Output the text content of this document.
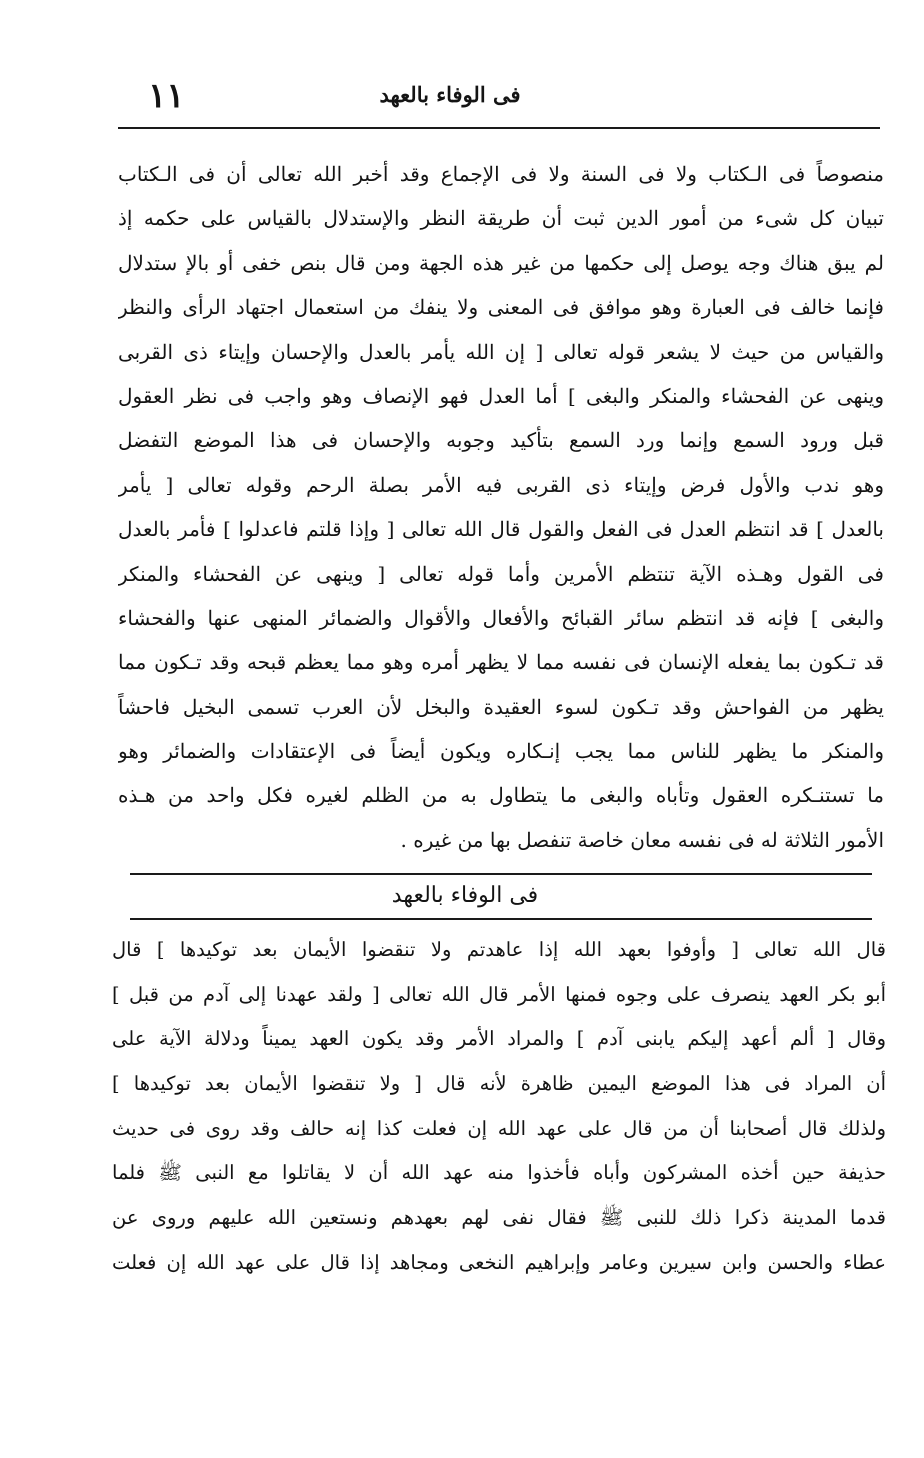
١١	فى الوفاء بالعهد
منصوصاً فى الـكتاب ولا فى السنة ولا فى الإجماع وقد أخبر الله تعالى أن فى الـكتاب
تبيان كل شىء من أمور الدين ثبت أن طريقة النظر والإستدلال بالقياس على حكمه إذ
لم يبق هناك وجه يوصل إلى حكمها من غير هذه الجهة ومن قال بنص خفى أو بالإ ستدلال
فإنما خالف فى العبارة وهو موافق فى المعنى ولا ينفك من استعمال اجتهاد الرأى والنظر
والقياس من حيث لا يشعر قوله تعالى [ إن الله يأمر بالعدل والإحسان وإيتاء ذى القربى
وينهى عن الفحشاء والمنكر والبغى ] أما العدل فهو الإنصاف وهو واجب فى نظر العقول
قبل ورود السمع وإنما ورد السمع بتأكيد وجوبه والإحسان فى هذا الموضع التفضل
وهو ندب والأول فرض وإيتاء ذى القربى فيه الأمر بصلة الرحم وقوله تعالى [ يأمر
بالعدل ] قد انتظم العدل فى الفعل والقول قال الله تعالى [ وإذا قلتم فاعدلوا ] فأمر بالعدل
فى القول وهـذه الآية تنتظم الأمرين وأما قوله تعالى [ وينهى عن الفحشاء والمنكر
والبغى ] فإنه قد انتظم سائر القبائح والأفعال والأقوال والضمائر المنهى عنها والفحشاء
قد تـكون بما يفعله الإنسان فى نفسه مما لا يظهر أمره وهو مما يعظم قبحه وقد تـكون مما
يظهر من الفواحش وقد تـكون لسوء العقيدة والبخل لأن العرب تسمى البخيل فاحشاً
والمنكر ما يظهر للناس مما يجب إنـكاره ويكون أيضاً فى الإعتقادات والضمائر وهو
ما تستنـكره العقول وتأباه والبغى ما يتطاول به من الظلم لغيره فكل واحد من هـذه
الأمور الثلاثة له فى نفسه معان خاصة تنفصل بها من غيره .
فى الوفاء بالعهد
قال الله تعالى [ وأوفوا بعهد الله إذا عاهدتم ولا تنقضوا الأيمان بعد توكيدها ] قال
أبو بكر العهد ينصرف على وجوه فمنها الأمر قال الله تعالى [ ولقد عهدنا إلى آدم من قبل ]
وقال [ ألم أعهد إليكم يابنى آدم ] والمراد الأمر وقد يكون العهد يميناً ودلالة الآية على
أن المراد فى هذا الموضع اليمين ظاهرة لأنه قال [ ولا تنقضوا الأيمان بعد توكيدها ]
ولذلك قال أصحابنا أن من قال على عهد الله إن فعلت كذا إنه حالف وقد روى فى حديث
حذيفة حين أخذه المشركون وأباه فأخذوا منه عهد الله أن لا يقاتلوا مع النبى ﷺ فلما
قدما المدينة ذكرا ذلك للنبى ﷺ فقال نفى لهم بعهدهم ونستعين الله عليهم وروى عن
عطاء والحسن وابن سيرين وعامر وإبراهيم النخعى ومجاهد إذا قال على عهد الله إن فعلت
